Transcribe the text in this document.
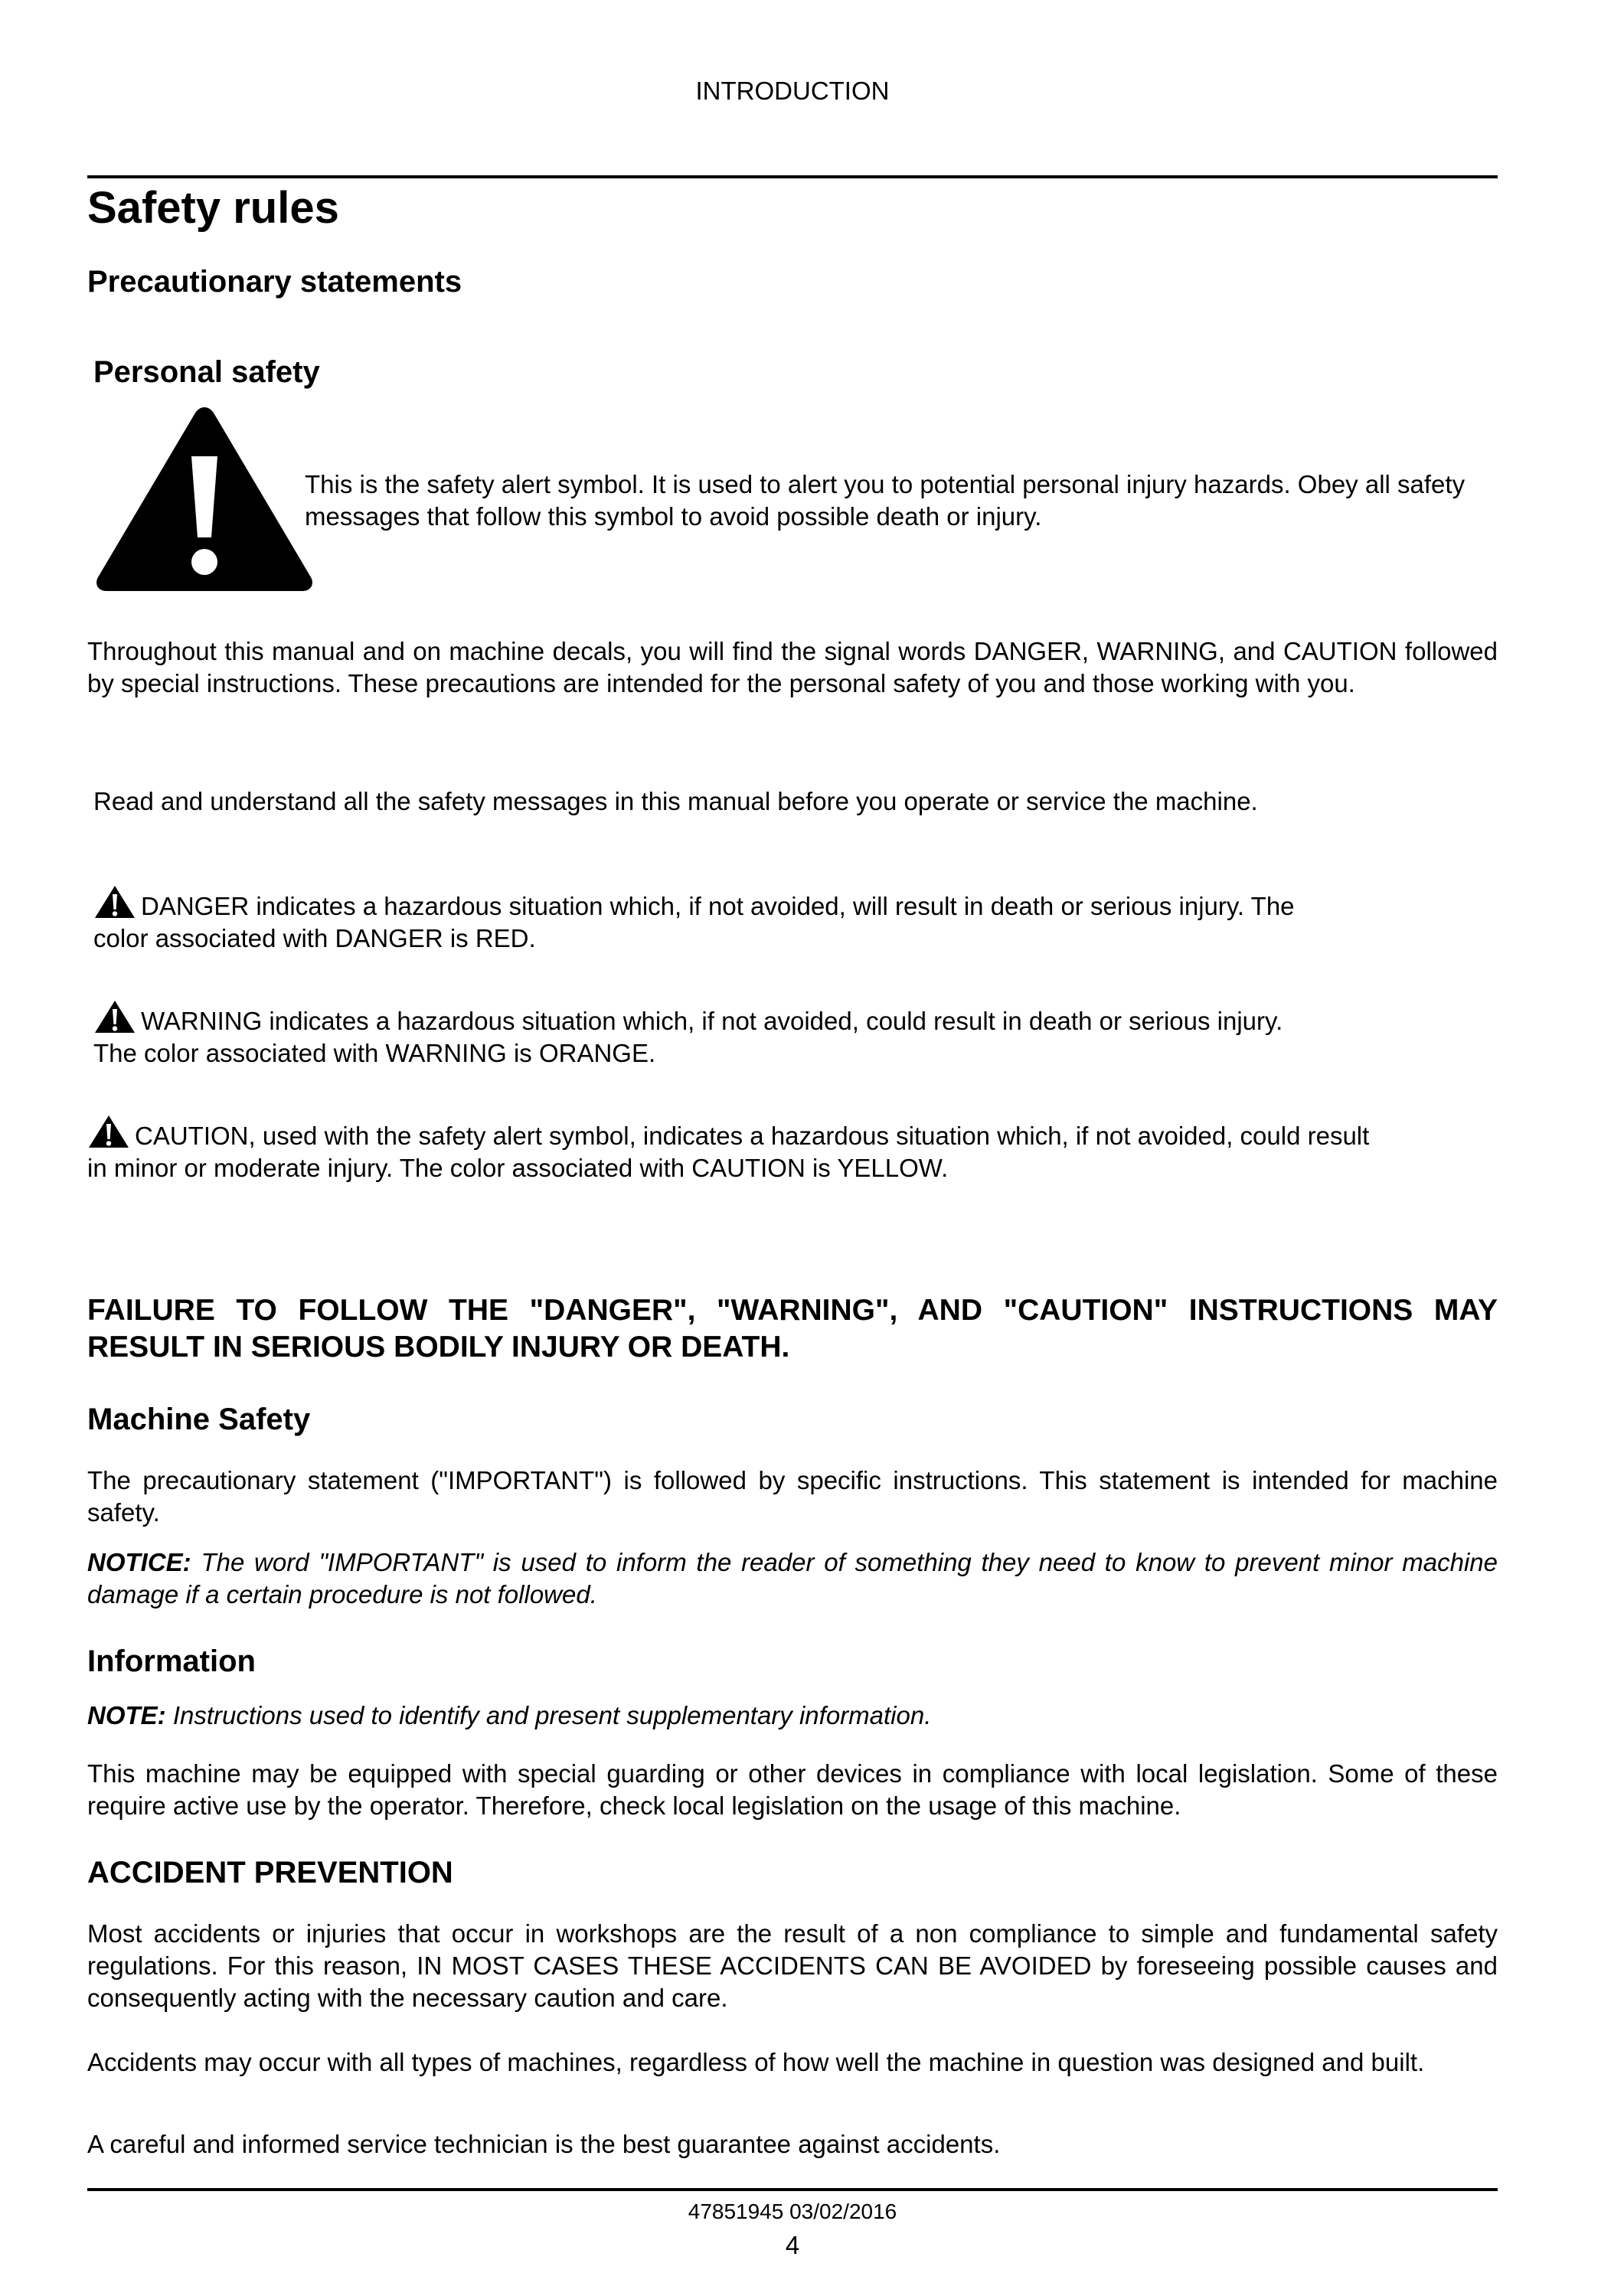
INTRODUCTION
Safety rules
Precautionary statements
Personal safety

This is the safety alert symbol. It is used to alert you to potential personal injury hazards. Obey all safety messages that follow this symbol to avoid possible death or injury.

Throughout this manual and on machine decals, you will find the signal words DANGER, WARNING, and CAUTION followed by special instructions. These precautions are intended for the personal safety of you and those working with you.

Read and understand all the safety messages in this manual before you operate or service the machine.

DANGER indicates a hazardous situation which, if not avoided, will result in death or serious injury. The
color associated with DANGER is RED.
WARNING indicates a hazardous situation which, if not avoided, could result in death or serious injury.
The color associated with WARNING is ORANGE.
CAUTION, used with the safety alert symbol, indicates a hazardous situation which, if not avoided, could result
in minor or moderate injury. The color associated with CAUTION is YELLOW.

FAILURE TO FOLLOW THE "DANGER", "WARNING", AND "CAUTION" INSTRUCTIONS MAY RESULT IN SERIOUS BODILY INJURY OR DEATH.

Machine Safety

The precautionary statement ("IMPORTANT") is followed by specific instructions. This statement is intended for machine safety.

NOTICE: The word "IMPORTANT" is used to inform the reader of something they need to know to prevent minor machine damage if a certain procedure is not followed.

Information

NOTE: Instructions used to identify and present supplementary information.

This machine may be equipped with special guarding or other devices in compliance with local legislation. Some of these require active use by the operator. Therefore, check local legislation on the usage of this machine.

ACCIDENT PREVENTION

Most accidents or injuries that occur in workshops are the result of a non compliance to simple and fundamental safety regulations. For this reason, IN MOST CASES THESE ACCIDENTS CAN BE AVOIDED by foreseeing possible causes and consequently acting with the necessary caution and care.

Accidents may occur with all types of machines, regardless of how well the machine in question was designed and built.

A careful and informed service technician is the best guarantee against accidents.

47851945 03/02/2016
4
